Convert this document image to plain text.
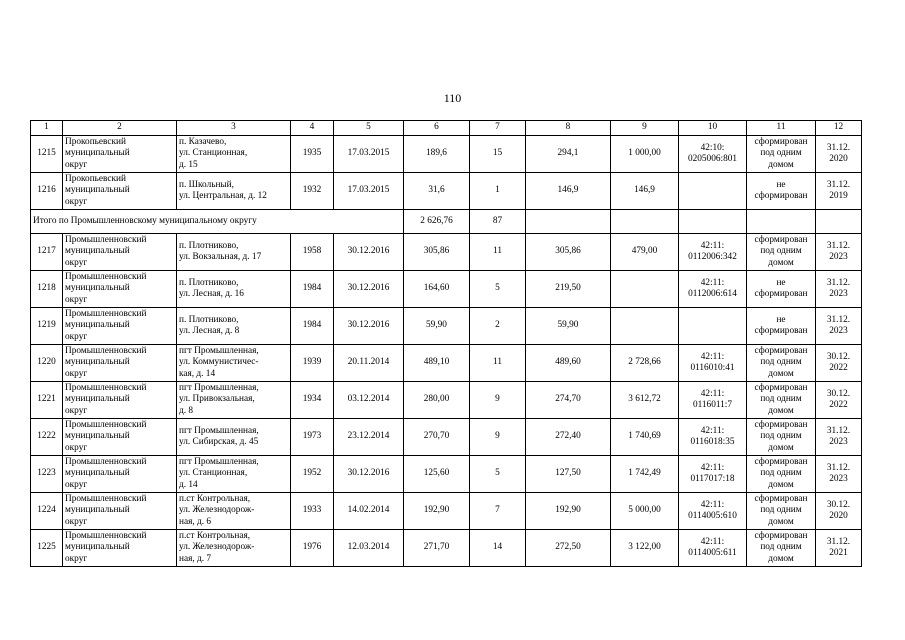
110
1	2	3	4	5	6	7	8	9	10	11	12
1215	Прокопьевский
муниципальный
округ	п. Казачево,
ул. Станционная,
д. 15	1935	17.03.2015	189,6	15	294,1	1 000,00	42:10:
0205006:801	сформирован
под одним
домом	31.12.
2020
1216	Прокопьевский
муниципальный
округ	п. Школьный,
ул. Центральная, д. 12	1932	17.03.2015	31,6	1	146,9	146,9		не
сформирован	31.12.
2019
Итого по Промышленновскому муниципальному округу					2 626,76	87					
1217	Промышленновский
муниципальный
округ	п. Плотниково,
ул. Вокзальная, д. 17	1958	30.12.2016	305,86	11	305,86	479,00	42:11:
0112006:342	сформирован
под одним
домом	31.12.
2023
1218	Промышленновский
муниципальный
округ	п. Плотниково,
ул. Лесная, д. 16	1984	30.12.2016	164,60	5	219,50		42:11:
0112006:614	не
сформирован	31.12.
2023
1219	Промышленновский
муниципальный
округ	п. Плотниково,
ул. Лесная, д. 8	1984	30.12.2016	59,90	2	59,90			не
сформирован	31.12.
2023
1220	Промышленновский
муниципальный
округ	пгт Промышленная,
ул. Коммунистичес-
кая, д. 14	1939	20.11.2014	489,10	11	489,60	2 728,66	42:11:
0116010:41	сформирован
под одним
домом	30.12.
2022
1221	Промышленновский
муниципальный
округ	пгт Промышленная,
ул. Привокзальная,
д. 8	1934	03.12.2014	280,00	9	274,70	3 612,72	42:11:
0116011:7	сформирован
под одним
домом	30.12.
2022
1222	Промышленновский
муниципальный
округ	пгт Промышленная,
ул. Сибирская, д. 45	1973	23.12.2014	270,70	9	272,40	1 740,69	42:11:
0116018:35	сформирован
под одним
домом	31.12.
2023
1223	Промышленновский
муниципальный
округ	пгт Промышленная,
ул. Станционная,
д. 14	1952	30.12.2016	125,60	5	127,50	1 742,49	42:11:
0117017:18	сформирован
под одним
домом	31.12.
2023
1224	Промышленновский
муниципальный
округ	п.ст Контрольная,
ул. Железнодорож-
ная, д. 6	1933	14.02.2014	192,90	7	192,90	5 000,00	42:11:
0114005:610	сформирован
под одним
домом	30.12.
2020
1225	Промышленновский
муниципальный
округ	п.ст Контрольная,
ул. Железнодорож-
ная, д. 7	1976	12.03.2014	271,70	14	272,50	3 122,00	42:11:
0114005:611	сформирован
под одним
домом	31.12.
2021
